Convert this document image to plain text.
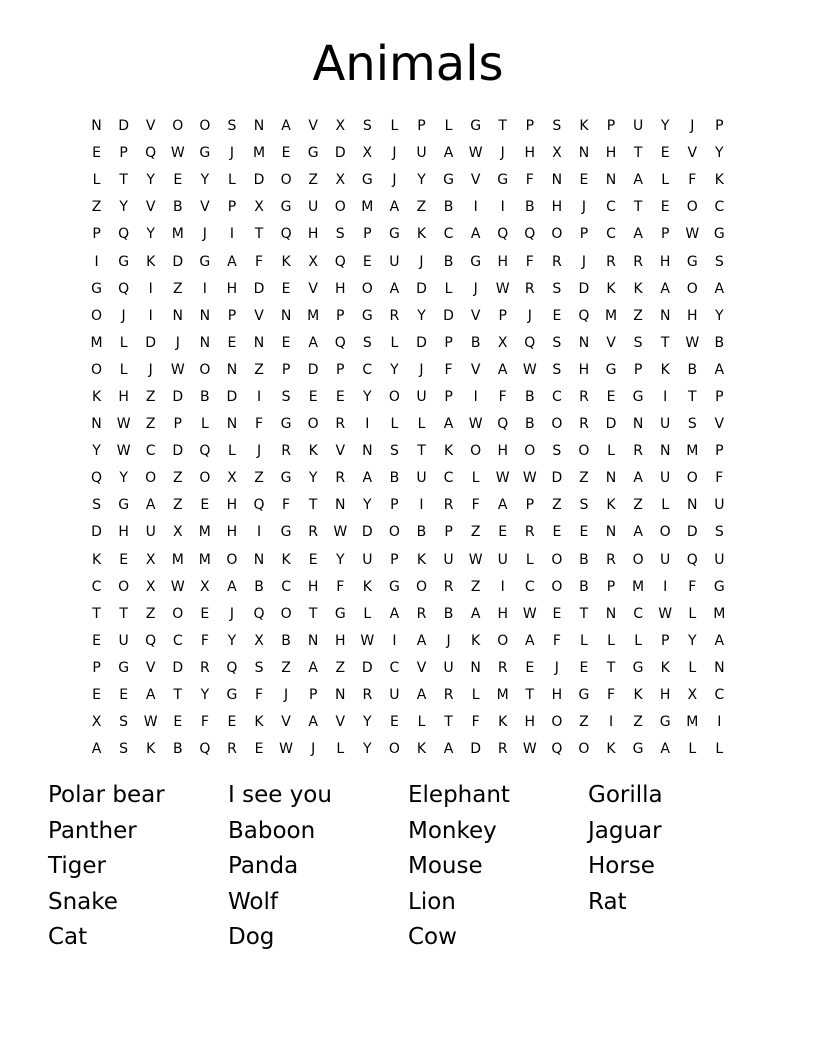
Animals
N	D	V	O	O	S	N	A	V	X	S	L	P	L	G	T	P	S	K	P	U	Y	J	P
E	P	Q	W	G	J	M	E	G	D	X	J	U	A	W	J	H	X	N	H	T	E	V	Y
L	T	Y	E	Y	L	D	O	Z	X	G	J	Y	G	V	G	F	N	E	N	A	L	F	K
Z	Y	V	B	V	P	X	G	U	O	M	A	Z	B	I	I	B	H	J	C	T	E	O	C
P	Q	Y	M	J	I	T	Q	H	S	P	G	K	C	A	Q	Q	O	P	C	A	P	W	G
I	G	K	D	G	A	F	K	X	Q	E	U	J	B	G	H	F	R	J	R	R	H	G	S
G	Q	I	Z	I	H	D	E	V	H	O	A	D	L	J	W	R	S	D	K	K	A	O	A
O	J	I	N	N	P	V	N	M	P	G	R	Y	D	V	P	J	E	Q	M	Z	N	H	Y
M	L	D	J	N	E	N	E	A	Q	S	L	D	P	B	X	Q	S	N	V	S	T	W	B
O	L	J	W	O	N	Z	P	D	P	C	Y	J	F	V	A	W	S	H	G	P	K	B	A
K	H	Z	D	B	D	I	S	E	E	Y	O	U	P	I	F	B	C	R	E	G	I	T	P
N	W	Z	P	L	N	F	G	O	R	I	L	L	A	W	Q	B	O	R	D	N	U	S	V
Y	W	C	D	Q	L	J	R	K	V	N	S	T	K	O	H	O	S	O	L	R	N	M	P
Q	Y	O	Z	O	X	Z	G	Y	R	A	B	U	C	L	W W	D	Z	N	A	U	O	F
S	G	A	Z	E	H	Q	F	T	N	Y	P	I	R	F	A	P	Z	S	K	Z	L	N	U
D	H	U	X	M	H	I	G	R	W	D	O	B	P	Z	E	R	E	E	N	A	O	D	S
K	E	X	M	M	O	N	K	E	Y	U	P	K	U	W	U	L	O	B	R	O	U	Q	U
C	O	X	W	X	A	B	C	H	F	K	G	O	R	Z	I	C	O	B	P	M	I	F	G
T	T	Z	O	E	J	Q	O	T	G	L	A	R	B	A	H	W	E	T	N	C	W	L	M
E	U	Q	C	F	Y	X	B	N	H	W	I	A	J	K	O	A	F	L	L	L	P	Y	A
P	G	V	D	R	Q	S	Z	A	Z	D	C	V	U	N	R	E	J	E	T	G	K	L	N
E	E	A	T	Y	G	F	J	P	N	R	U	A	R	L	M	T	H	G	F	K	H	X	C
X	S	W	E	F	E	K	V	A	V	Y	E	L	T	F	K	H	O	Z	I	Z	G	M	I
A	S	K	B	Q	R	E	W	J	L	Y	O	K	A	D	R	W	Q	O	K	G	A	L	L
Polar bear	I see you	Elephant	Gorilla
Panther	Baboon	Monkey	Jaguar
Tiger	Panda	Mouse	Horse
Snake	Wolf	Lion	Rat
Cat	Dog	Cow
